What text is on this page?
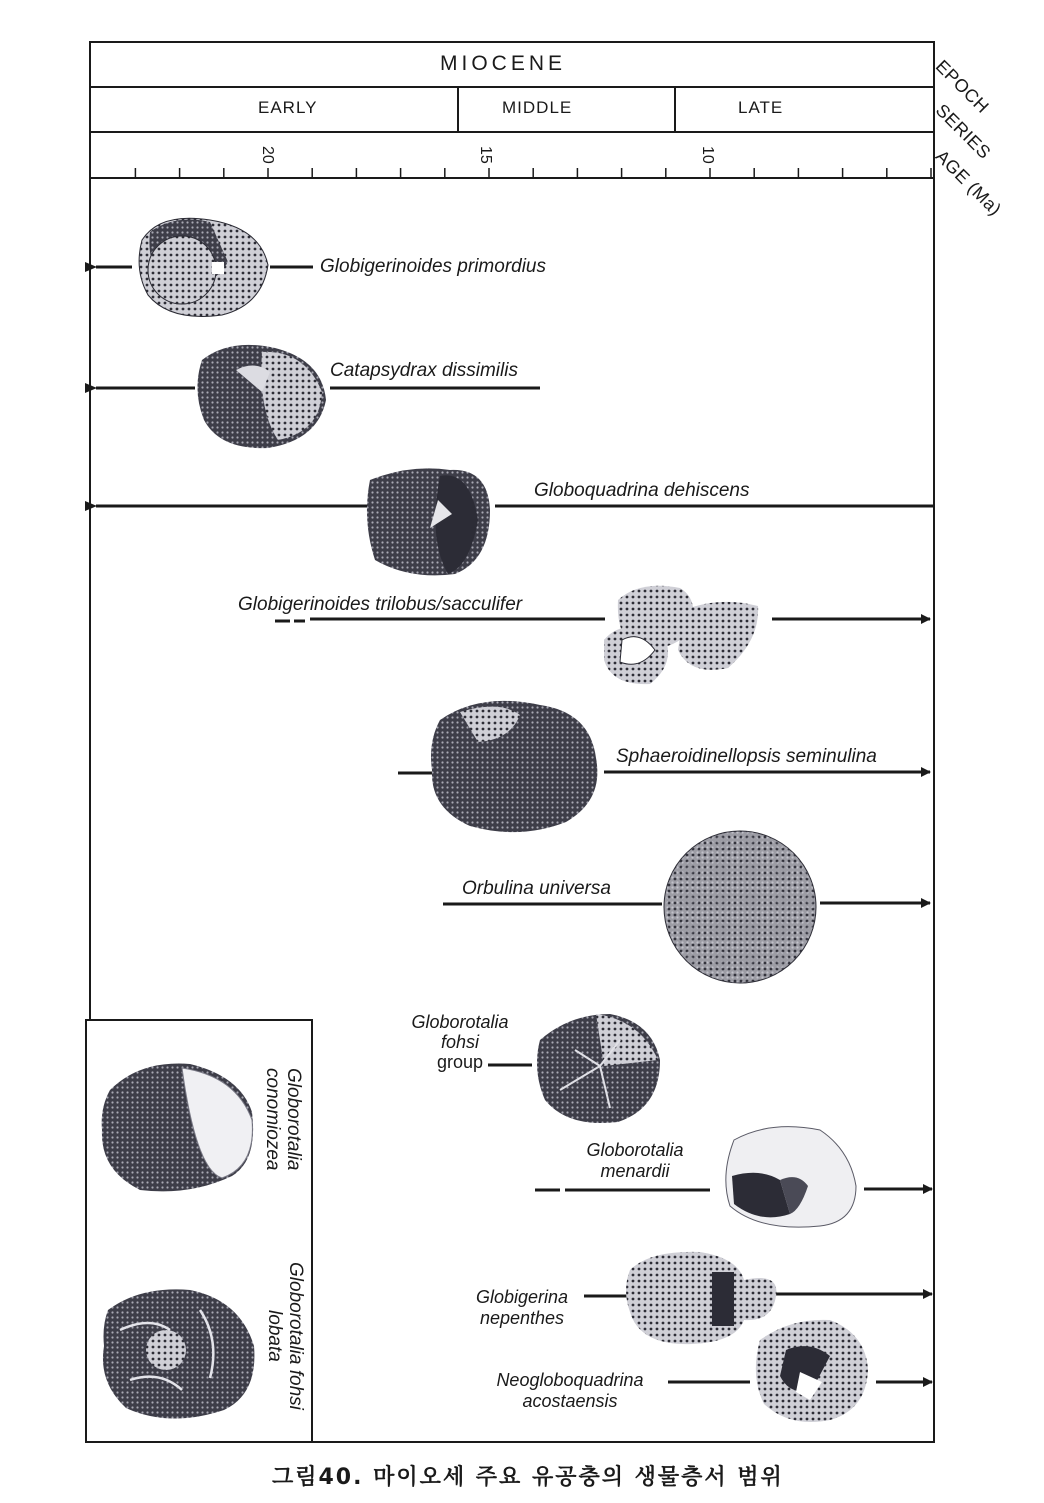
MIOCENE
EARLY	MIDDLE	LATE
20	15	10
EPOCH
SERIES
AGE (Ma)
Globigerinoides primordius
Catapsydrax dissimilis
Globoquadrina dehiscens
Globigerinoides trilobus/sacculifer
Sphaeroidinellopsis seminulina
Orbulina universa
Globorotalia
fohsi
group
Globorotalia
menardii
Globigerina
nepenthes
Neogloboquadrina
acostaensis
Globorotalia
conomiozea
Globorotalia fohsi
lobata
그림40. 마이오세 주요 유공충의 생물층서 범위
